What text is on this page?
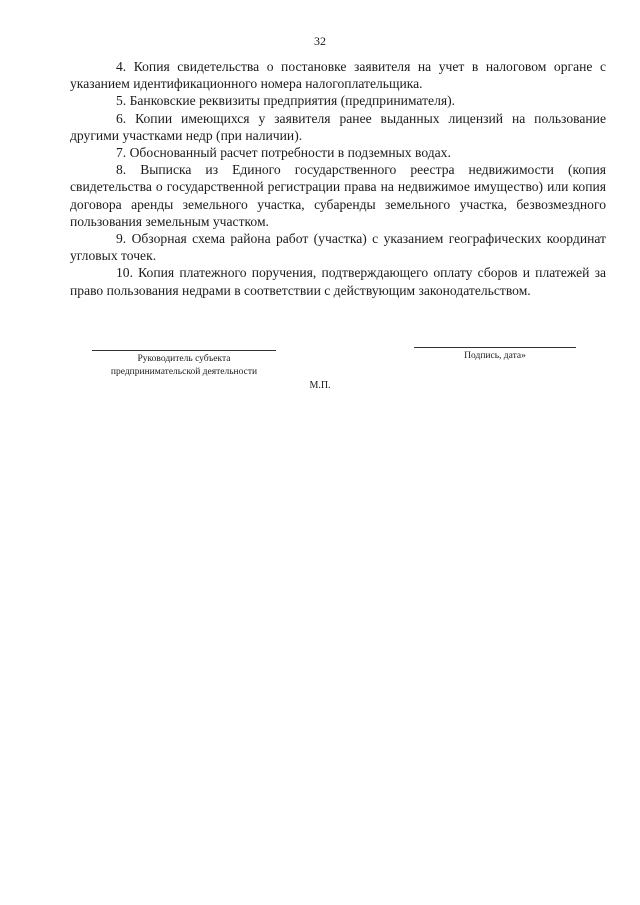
32

4. Копия свидетельства о постановке заявителя на учет в налоговом органе с указанием идентификационного номера налогоплательщика.

5. Банковские реквизиты предприятия (предпринимателя).

6. Копии имеющихся у заявителя ранее выданных лицензий на пользование другими участками недр (при наличии).

7. Обоснованный расчет потребности в подземных водах.

8. Выписка из Единого государственного реестра недвижимости (копия свидетельства о государственной регистрации права на недвижимое имущество) или копия договора аренды земельного участка, субаренды земельного участка, безвозмездного пользования земельным участком.

9. Обзорная схема района работ (участка) с указанием географических координат угловых точек.

10. Копия платежного поручения, подтверждающего оплату сборов и платежей за право пользования недрами в соответствии с действующим законодательством.

Руководитель субъекта
предпринимательской деятельности
Подпись, дата»
М.П.
